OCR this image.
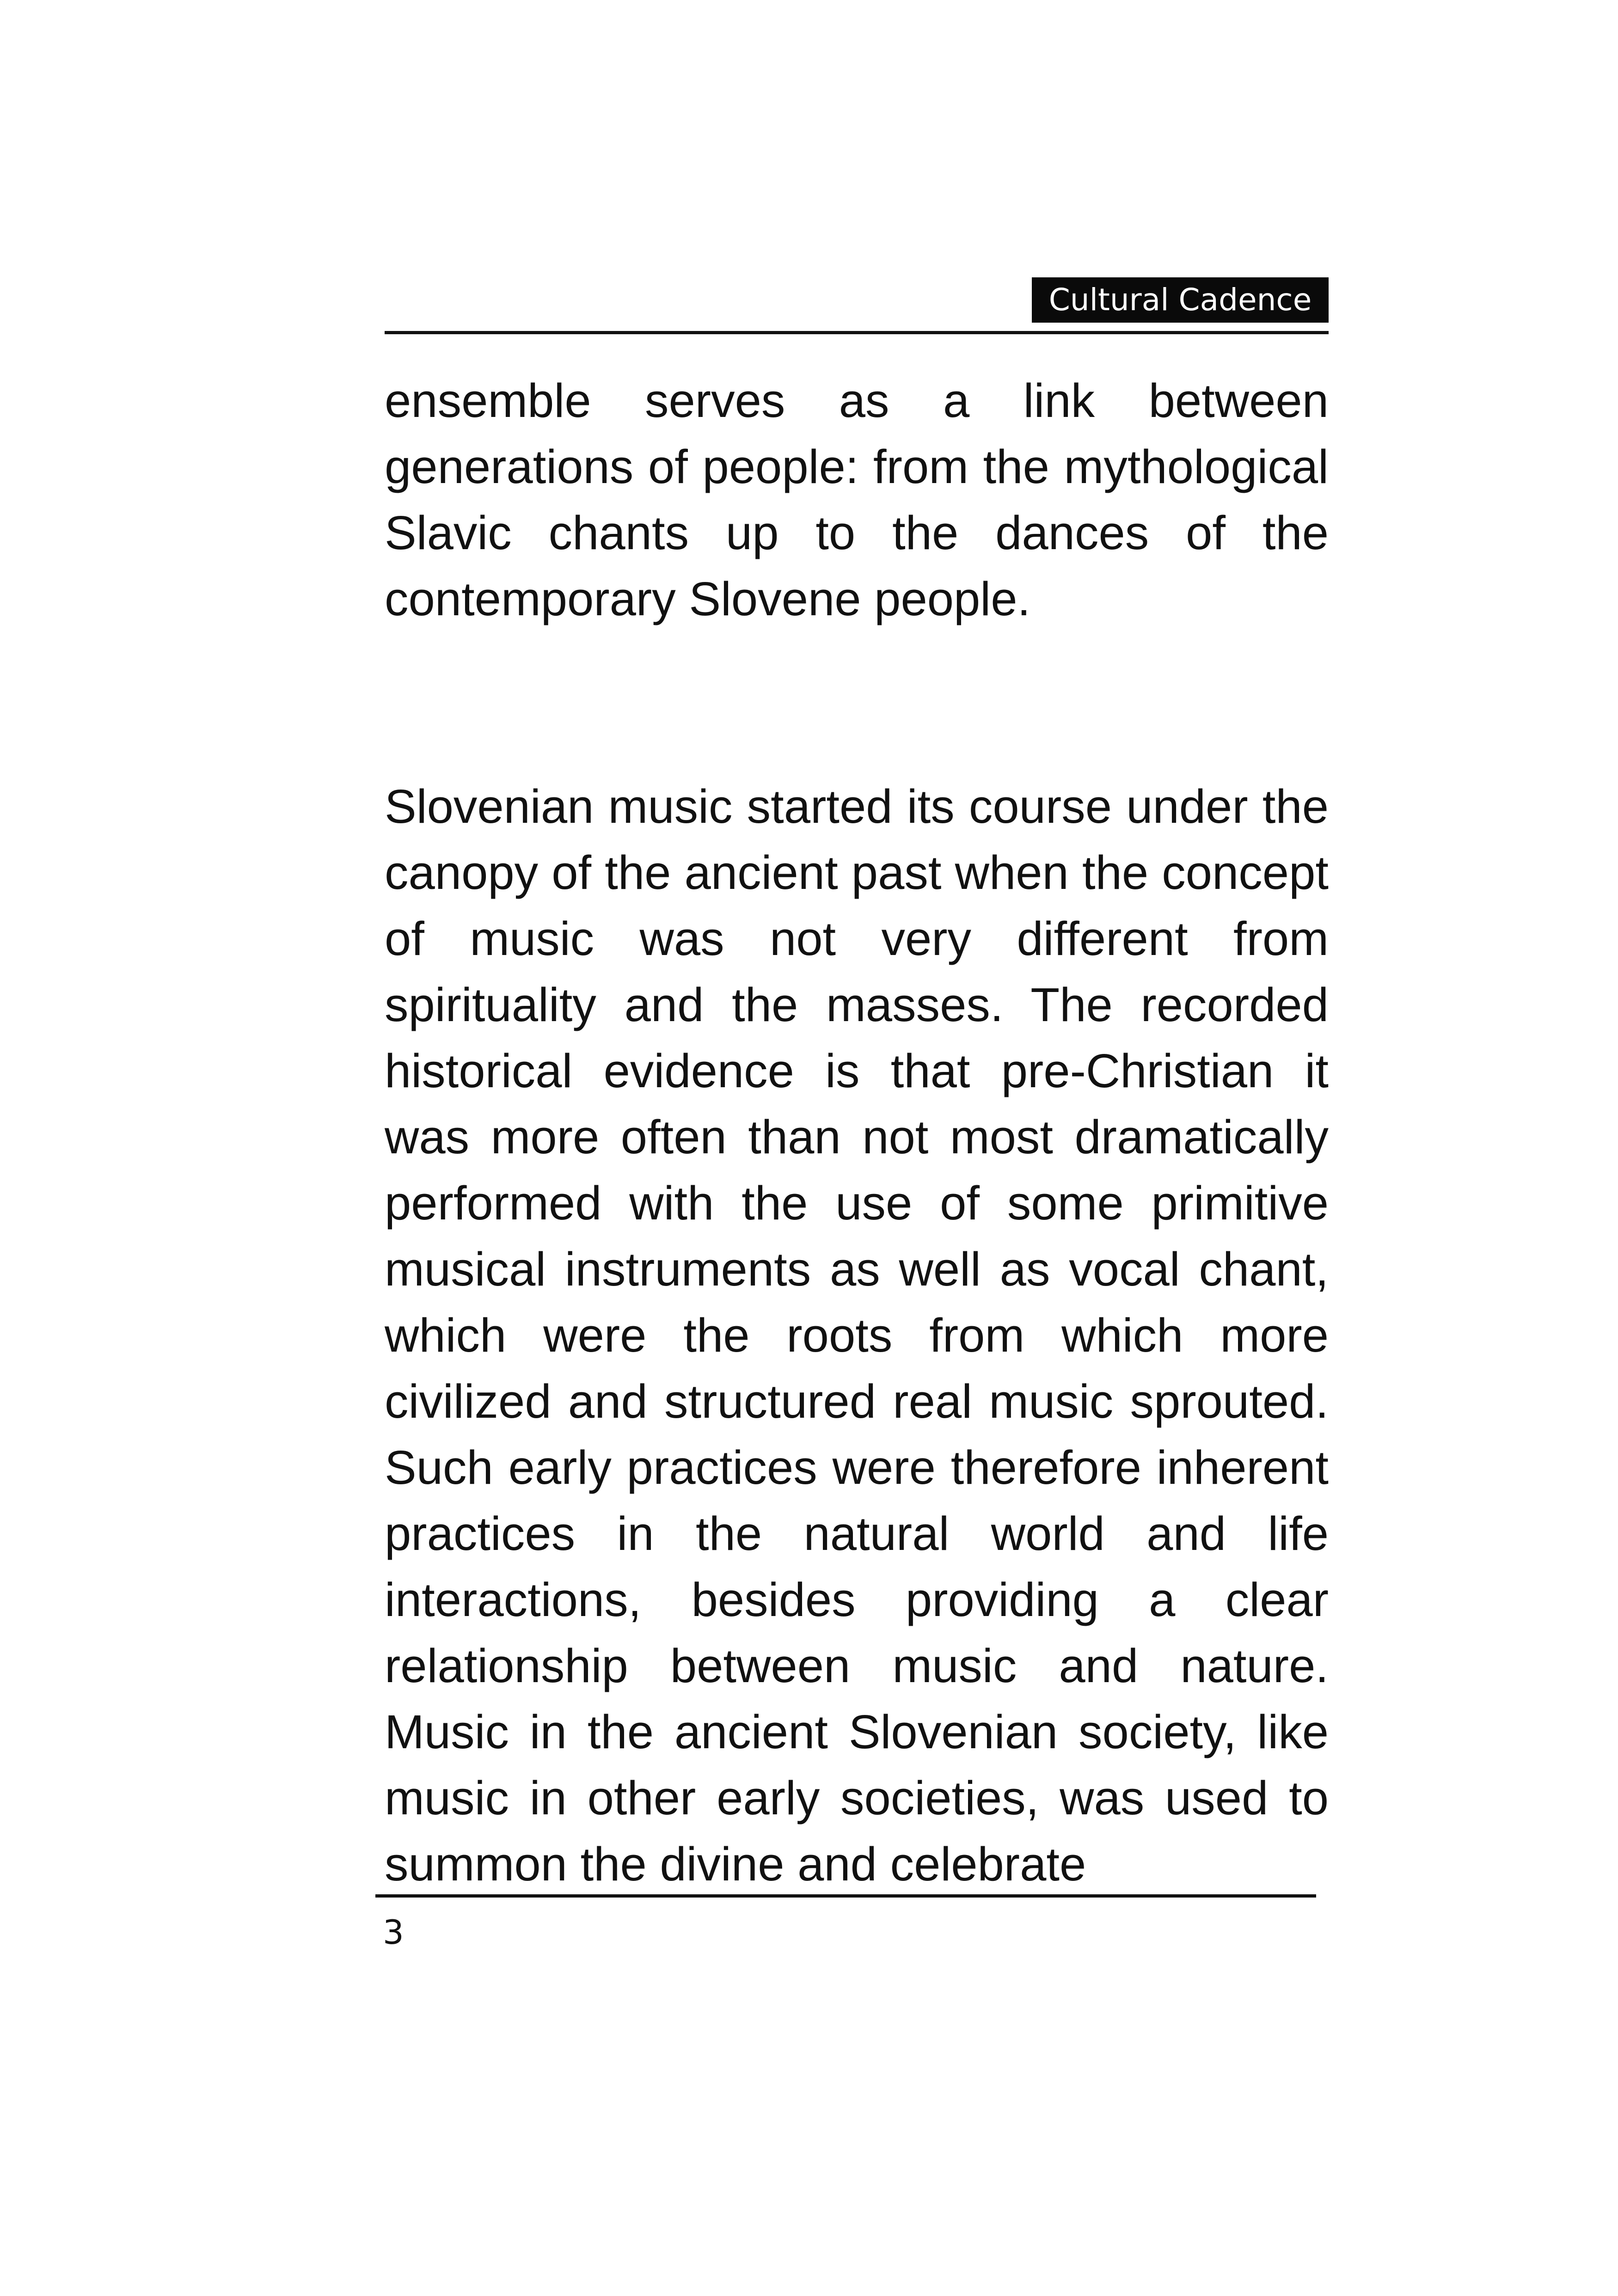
Cultural Cadence

ensemble serves as a link between generations of people: from the mythological Slavic chants up to the dances of the contemporary Slovene people.

Slovenian music started its course under the canopy of the ancient past when the concept of music was not very different from spirituality and the masses. The recorded historical evidence is that pre-Christian it was more often than not most dramatically performed with the use of some primitive musical instruments as well as vocal chant, which were the roots from which more civilized and structured real music sprouted. Such early practices were therefore inherent practices in the natural world and life interactions, besides providing a clear relationship between music and nature. Music in the ancient Slovenian society, like music in other early societies, was used to summon the divine and celebrate

3
